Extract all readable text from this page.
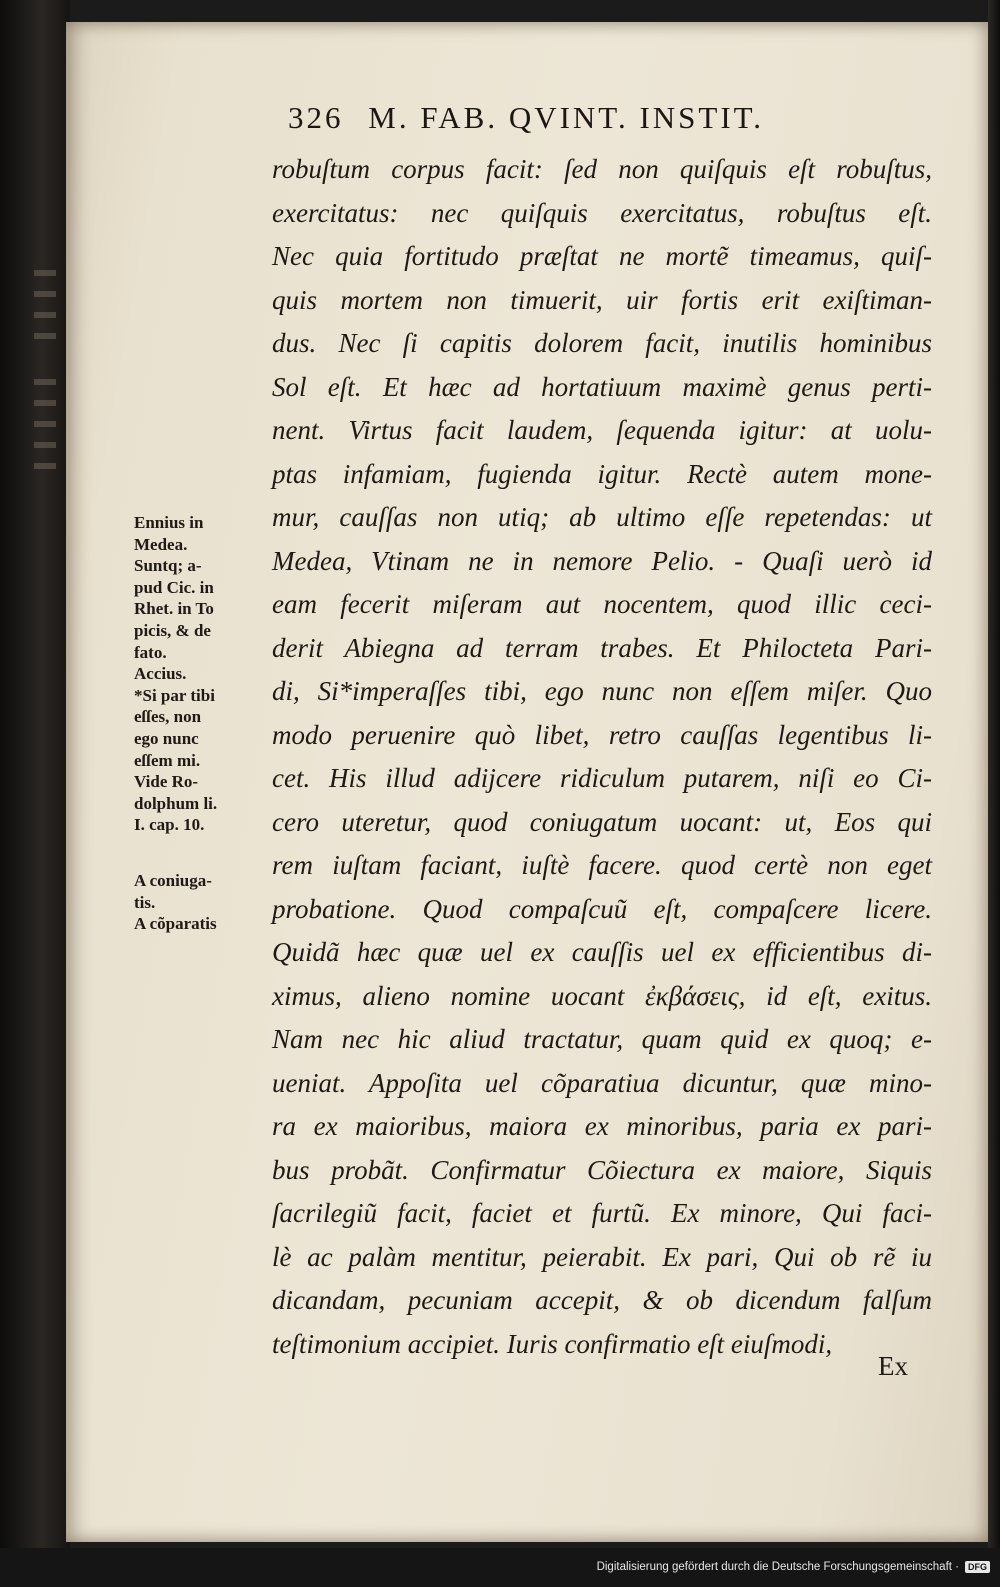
326 M. FAB. QVINT. INSTIT.
robuſtum corpus facit: ſed non quiſquis eſt robuſtus,
exercitatus: nec quiſquis exercitatus, robuſtus eſt.
Nec quia fortitudo præſtat ne mortẽ timeamus, quiſ-
quis mortem non timuerit, uir fortis erit exiſtiman-
dus. Nec ſi capitis dolorem facit, inutilis hominibus
Sol eſt. Et hæc ad hortatiuum maximè genus perti-
nent. Virtus facit laudem, ſequenda igitur: at uolu-
ptas infamiam, fugienda igitur. Rectè autem mone-
mur, cauſſas non utiq; ab ultimo eſſe repetendas: ut
Medea, Vtinam ne in nemore Pelio. - Quaſi uerò id
eam fecerit miſeram aut nocentem, quod illic ceci-
derit Abiegna ad terram trabes. Et Philocteta Pari-
di, Si*imperaſſes tibi, ego nunc non eſſem miſer. Quo
modo peruenire quò libet, retro cauſſas legentibus li-
cet. His illud adijcere ridiculum putarem, niſi eo Ci-
cero uteretur, quod coniugatum uocant: ut, Eos qui
rem iuſtam faciant, iuſtè facere. quod certè non eget
probatione. Quod compaſcuũ eſt, compaſcere licere.
Quidã hæc quæ uel ex cauſſis uel ex efficientibus di-
ximus, alieno nomine uocant ἐκβάσεις, id eſt, exitus.
Nam nec hic aliud tractatur, quam quid ex quoq; e-
ueniat. Appoſita uel cõparatiua dicuntur, quæ mino-
ra ex maioribus, maiora ex minoribus, paria ex pari-
bus probãt. Confirmatur Cõiectura ex maiore, Siquis
ſacrilegiũ facit, faciet et furtũ. Ex minore, Qui faci-
lè ac palàm mentitur, peierabit. Ex pari, Qui ob rẽ iu
dicandam, pecuniam accepit, & ob dicendum falſum
teſtimonium accipiet. Iuris confirmatio eſt eiuſmodi,
Ex
Ennius in
Medea.
Suntq; a-
pud Cic. in
Rhet. in To
picis, & de
fato.
Accius.
*Si par tibi
eſſes, non
ego nunc
eſſem mi.
Vide Ro-
dolphum li.
I. cap. 10.
A coniuga-
tis.
A cõparatis
Digitalisierung gefördert durch die Deutsche Forschungsgemeinschaft ·	DFG
